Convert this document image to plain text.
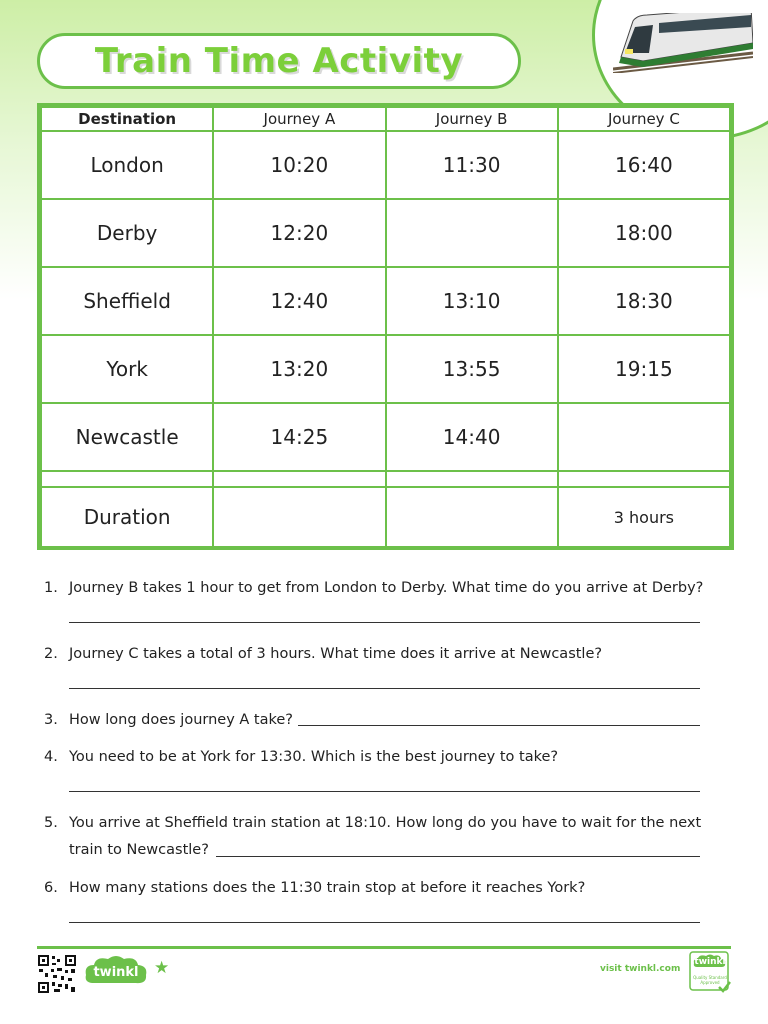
Train Time Activity
Destination	Journey A	Journey B	Journey C
London	10:20	11:30	16:40
Derby	12:20		18:00
Sheffield	12:40	13:10	18:30
York	13:20	13:55	19:15
Newcastle	14:25	14:40	

Duration			3 hours
1. Journey B takes 1 hour to get from London to Derby. What time do you arrive at Derby?
2. Journey C takes a total of 3 hours. What time does it arrive at Newcastle?
3. How long does journey A take?
4. You need to be at York for 13:30. Which is the best journey to take?
5. You arrive at Sheffield train station at 18:10. How long do you have to wait for the next
train to Newcastle?
6. How many stations does the 11:30 train stop at before it reaches York?
twinkl ★	visit twinkl.com
twinkl
Quality Standard Approved
